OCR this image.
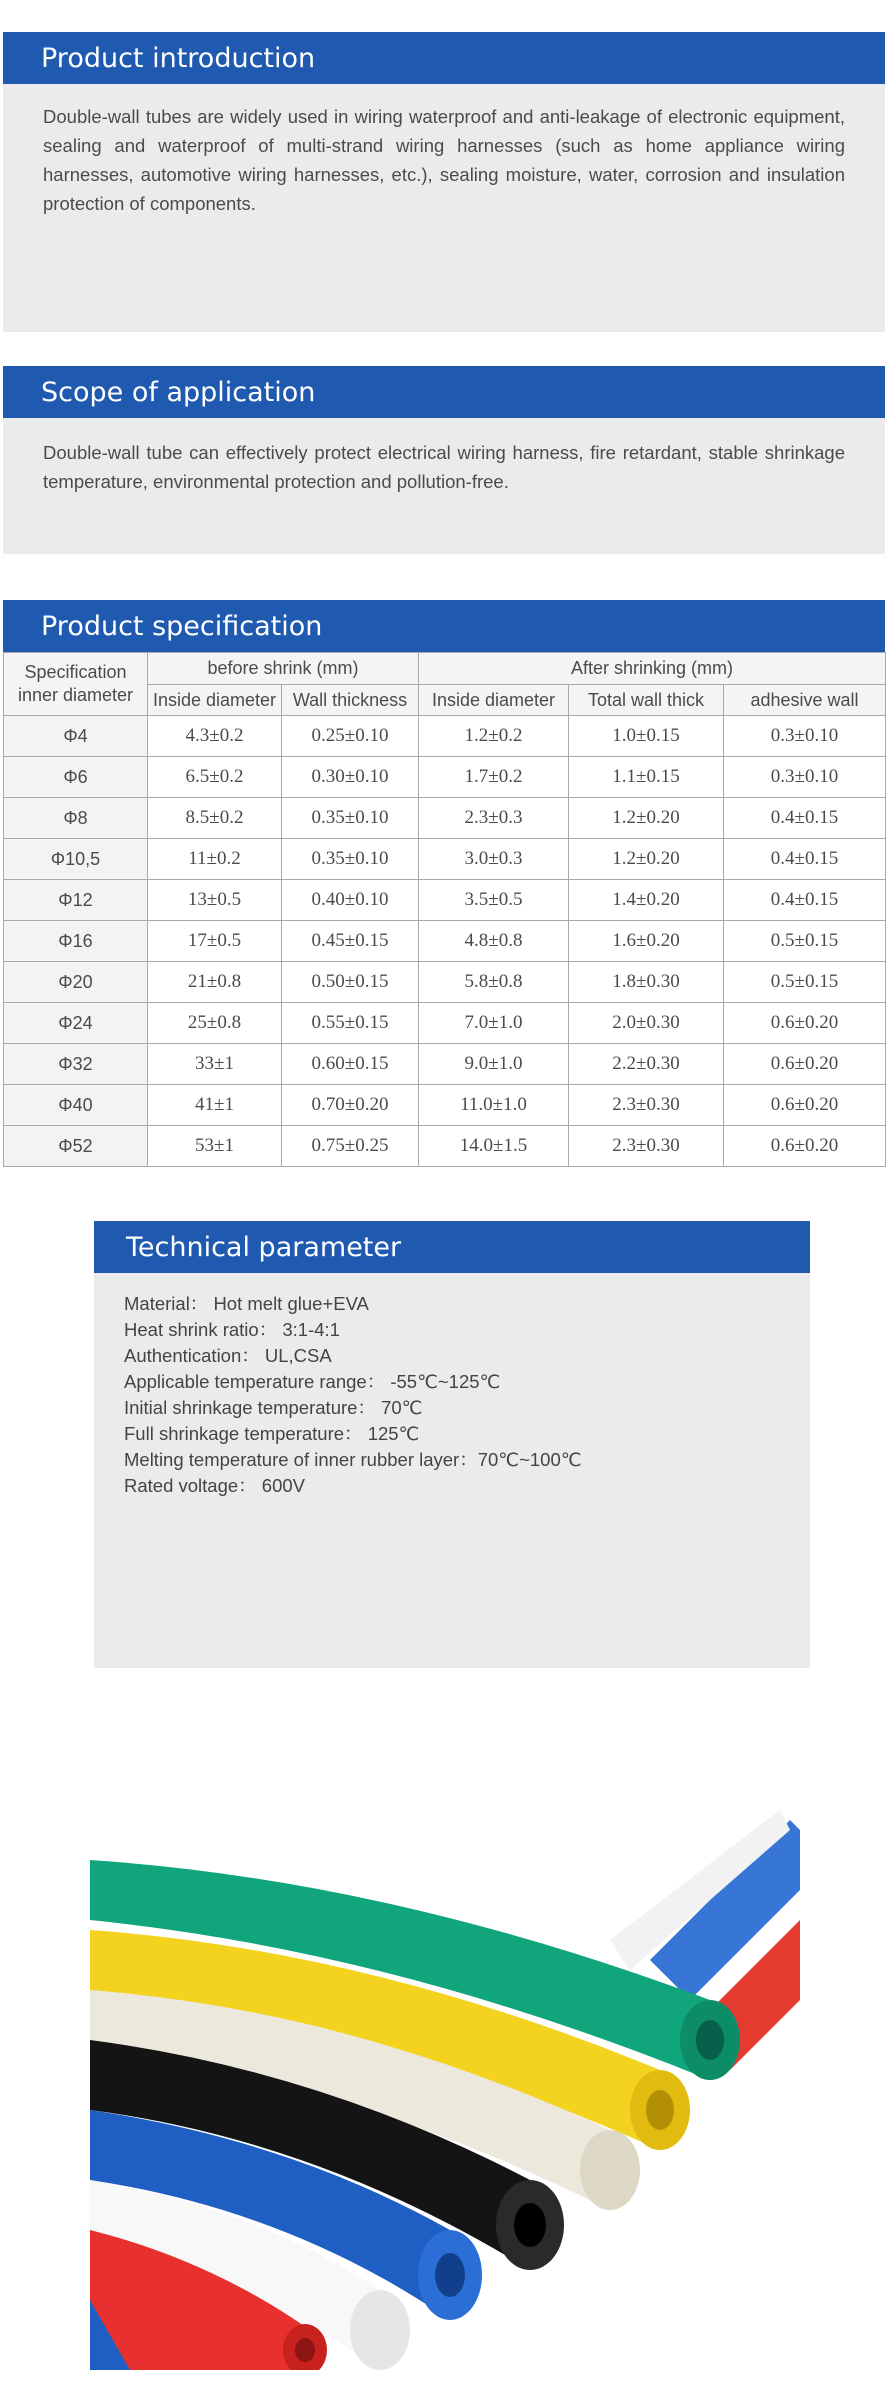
Product introduction

Double-wall tubes are widely used in wiring waterproof and anti-leakage of electronic equipment, sealing and waterproof of multi-strand wiring harnesses (such as home appliance wiring harnesses, automotive wiring harnesses, etc.), sealing moisture, water, corrosion and insulation protection of components.

Scope of application

Double-wall tube can effectively protect electrical wiring harness, fire retardant, stable shrinkage temperature, environmental protection and pollution-free.

Product specification
Specification
inner diameter	before shrink (mm)		After shrinking (mm)		
	Inside diameter	Wall thickness	Inside diameter	Total wall thick	adhesive wall
Φ4	4.3±0.2	0.25±0.10	1.2±0.2	1.0±0.15	0.3±0.10
Φ6	6.5±0.2	0.30±0.10	1.7±0.2	1.1±0.15	0.3±0.10
Φ8	8.5±0.2	0.35±0.10	2.3±0.3	1.2±0.20	0.4±0.15
Φ10,5	11±0.2	0.35±0.10	3.0±0.3	1.2±0.20	0.4±0.15
Φ12	13±0.5	0.40±0.10	3.5±0.5	1.4±0.20	0.4±0.15
Φ16	17±0.5	0.45±0.15	4.8±0.8	1.6±0.20	0.5±0.15
Φ20	21±0.8	0.50±0.15	5.8±0.8	1.8±0.30	0.5±0.15
Φ24	25±0.8	0.55±0.15	7.0±1.0	2.0±0.30	0.6±0.20
Φ32	33±1	0.60±0.15	9.0±1.0	2.2±0.30	0.6±0.20
Φ40	41±1	0.70±0.20	11.0±1.0	2.3±0.30	0.6±0.20
Φ52	53±1	0.75±0.25	14.0±1.5	2.3±0.30	0.6±0.20
Technical parameter
Material： Hot melt glue+EVA
Heat shrink ratio： 3:1-4:1
Authentication： UL,CSA
Applicable temperature range： -55℃~125℃
Initial shrinkage temperature： 70℃
Full shrinkage temperature： 125℃
Melting temperature of inner rubber layer：70℃~100℃
Rated voltage： 600V
